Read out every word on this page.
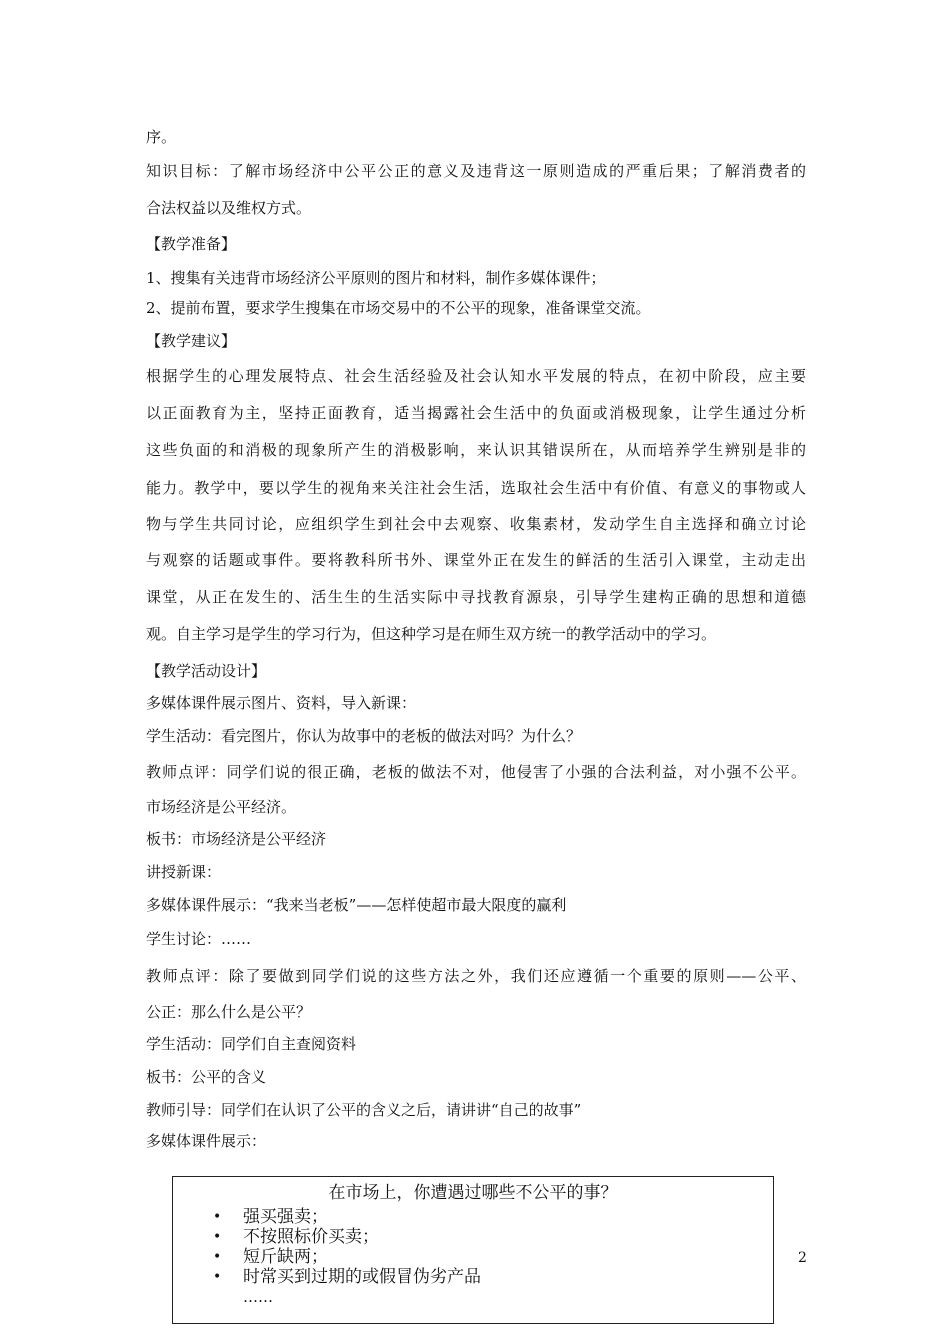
序。
知识目标：了解市场经济中公平公正的意义及违背这一原则造成的严重后果；了解消费者的
合法权益以及维权方式。
【教学准备】
1、搜集有关违背市场经济公平原则的图片和材料，制作多媒体课件；
2、提前布置，要求学生搜集在市场交易中的不公平的现象，准备课堂交流。
【教学建议】
根据学生的心理发展特点、社会生活经验及社会认知水平发展的特点，在初中阶段，应主要
以正面教育为主，坚持正面教育，适当揭露社会生活中的负面或消极现象，让学生通过分析
这些负面的和消极的现象所产生的消极影响，来认识其错误所在，从而培养学生辨别是非的
能力。教学中，要以学生的视角来关注社会生活，选取社会生活中有价值、有意义的事物或人
物与学生共同讨论，应组织学生到社会中去观察、收集素材，发动学生自主选择和确立讨论
与观察的话题或事件。要将教科所书外、课堂外正在发生的鲜活的生活引入课堂，主动走出
课堂，从正在发生的、活生生的生活实际中寻找教育源泉，引导学生建构正确的思想和道德
观。自主学习是学生的学习行为，但这种学习是在师生双方统一的教学活动中的学习。
【教学活动设计】
多媒体课件展示图片、资料，导入新课：
学生活动：看完图片，你认为故事中的老板的做法对吗？为什么？
教师点评：同学们说的很正确，老板的做法不对，他侵害了小强的合法利益，对小强不公平。
市场经济是公平经济。
板书：市场经济是公平经济
讲授新课：
多媒体课件展示：“我来当老板”——怎样使超市最大限度的赢利
学生讨论：……
教师点评：除了要做到同学们说的这些方法之外，我们还应遵循一个重要的原则——公平、
公正：那么什么是公平？
学生活动：同学们自主查阅资料
板书：公平的含义
教师引导：同学们在认识了公平的含义之后，请讲讲“自己的故事”
多媒体课件展示：
在市场上，你遭遇过哪些不公平的事？
•	强买强卖；
•	不按照标价买卖；
•	短斤缺两；
•	时常买到过期的或假冒伪劣产品
……
2
